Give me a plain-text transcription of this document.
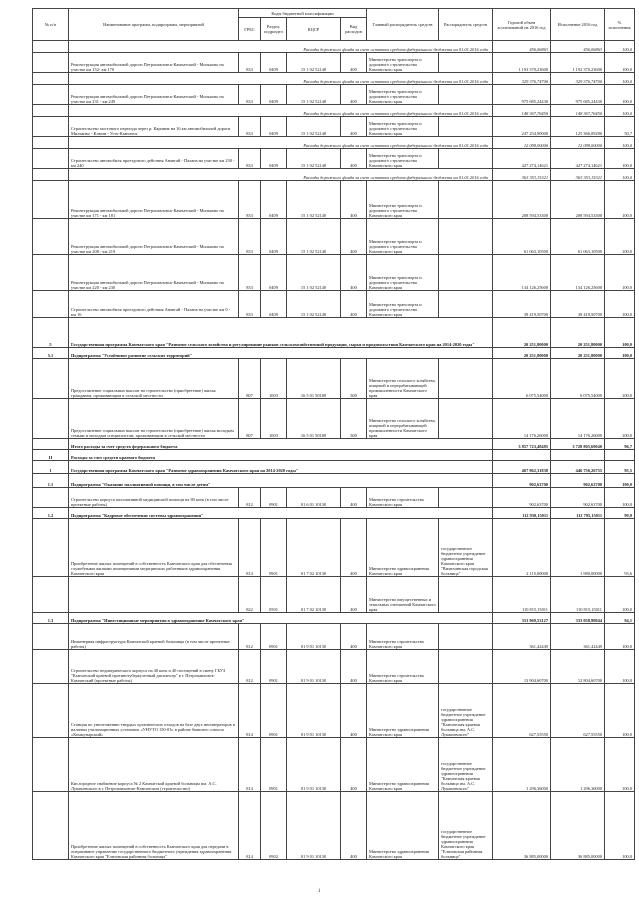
№ п/п	Наименование программ, подпрограмм, мероприятий	Коды бюджетной классификации				Главный распорядитель средств	Распорядитель средств	Годовой объем ассигнований на 2016 год	Исполнение 2016 год	% исполнения
		ГРБС	Раздел, подраздел	КЦСР	Вид расходов					
	Расходы дорожного фонда за счет остатков средств федерального бюджета на 01.01.2016 года							456,06863	456,06863	100,0
	Реконструкция автомобильной дороги Петропавловск-Камчатский - Мильково на участке км 152- км 170	833	0409	15 1 02 52140	400	Министерство транспорта и дорожного строительства Камчатского края		1 193 370,23600	1 192 370,23600	100,0
	Расходы дорожного фонда за счет остатков средств федерального бюджета на 01.01.2016 года							329 376,74700	329 376,74700	100,0
	Реконструкция автомобильной дороги Петропавловск-Камчатский - Мильково на участке км 231 - км 249	833	0409	15 1 02 52140	400	Министерство транспорта и дорожного строительства Камчатского края		975 685,24430	975 685,24430	100,0
	Расходы дорожного фонда за счет остатков средств федерального бюджета на 01.01.2016 года							148 367,76450	148 367,76450	100,0
	Строительство мостового перехода через р. Карпинк на 16 км автомобильной дороги Мильково - Ключи - Усть-Камчатск	833	0409	15 1 02 52140	400	Министерство транспорта и дорожного строительства Камчатского края		247 254,90000	125 366,09286	50,7
	Расходы дорожного фонда за счет остатков средств федерального бюджета на 01.01.2016 года							12 098,00000	12 098,00000	100,0
	Строительство автомобиля проездового действия Анавгай - Палана на участке км 230 - км 240	833	0409	15 1 02 52140	400	Министерство транспорта и дорожного строительства Камчатского края		427 274,14621	427 274,14621	100,0
	Расходы дорожного фонда за счет остатков средств федерального бюджета на 01.01.2016 года							363 353,15321	363 353,15321	100,0
	Реконструкция автомобильной дороги Петропавловск-Камчатский - Мильково на участке км 171 - км 181	833	0409	15 1 02 52140	400	Министерство транспорта и дорожного строительства Камчатского края		208 594,53300	208 594,53300	100,0
	Реконструкция автомобильной дороги Петропавловск-Камчатский - Мильково на участке км 208 - км 219	833	0409	15 1 02 52140	400	Министерство транспорта и дорожного строительства Камчатского края		61 063,10500	61 063,10500	100,0
	Реконструкция автомобильной дороги Петропавловск-Камчатский - Мильково на участке км 220 - км 230	833	0409	15 1 02 52140	400	Министерство транспорта и дорожного строительства Камчатского края		134 126,25600	134 126,25600	100,0
	Строительство автомобиля проездового действия Анавгай - Палана на участке км 0 - км 16	833	0409	15 1 02 52140	400	Министерство транспорта и дорожного строительства Камчатского края		39 419,50700	39 419,50700	100,0
5	Государственная программа Камчатского края "Развитие сельского хозяйства и регулирование рынков сельскохозяйственной продукции, сырья и продовольствия Камчатского края на 2014-2020 годы"							20 251,80000	20 251,80000	100,0
5.1	Подпрограмма "Устойчивое развитие сельских территорий"							20 251,80000	20 251,80000	100,0
	Предоставление социальных выплат на строительство (приобретение) жилья гражданам, проживающим в сельской местности	807	1003	16 5 01 50180	300	Министерство сельского хозяйства, пищевой и перерабатывающей промышленности Камчатского края		6 075,54000	6 075,54000	100,0
	Предоставление социальных выплат на строительство (приобретение) жилья молодым семьям и молодым специалистам, проживающим в сельской местности	807	1003	16 5 01 50180	300	Министерство сельского хозяйства, пищевой и перерабатывающей промышленности Камчатского края		14 176,26000	14 176,26000	100,0
	Итого расходы за счет средств федерального бюджета							3 857 723,48485	3 728 805,69040	96,7
II	Расходы за счет средств краевого бюджета									
1	Государственная программа Камчатского края "Развитие здравоохранения Камчатского края на 2014-2020 годы"							467 862,31838	446 756,26755	95,5
1.1	Подпрограмма "Оказание паллиативной помощи, в том числе детям"							902,63700	902,63700	100,0
	Строительство корпуса паллиативной медицинской помощи на 80 коек (в том числе проектные работы)	812	0901	01 6 01 10130	400	Министерство строительства Камчатского края		902,63700	902,63700	100,0
1.2	Подпрограмма "Кадровое обеспечение системы здравоохранения"							112 930,15011	112 795,15011	99,9
	Приобретение жилых помещений в собственность Камчатского края для обеспечения служебными жилыми помещениями медицинских работников здравоохранения Камчатского края	814	0901	01 7 02 10130	400	Министерство здравоохранения Камчатского края	государственное бюджетное учреждение здравоохранения Камчатского края "Вилючинская городская больница"	2 115,00000	1 980,00000	93,6
		822	0501	01 7 02 10130	400	Министерство имущественных и земельных отношений Камчатского края		110 815,15011	110 815,15011	100,0
1.3	Подпрограмма "Инвестиционные мероприятия в здравоохранение Камчатского края"							353 969,53127	333 058,98044	94,1
	Инженерная инфраструктура Камчатской краевой больницы (в том числе проектные работы)	812	0901	01 9 01 10130	400	Министерство строительства Камчатского края		361,42449	361,42449	100,0
	Строительство педиатрического корпуса на 40 коек и 40 посещений в смену ГБУЗ "Камчатский краевой противотуберкулезный диспансер" в г. Петропавловск-Камчатский (проектные работы)	812	0901	01 9 01 10130	400	Министерство строительства Камчатского края		13 904,60700	12 804,60700	100,0
	Станция по уничтожению твердых органических отходов на базе двух инсинераторов в наличии утилизационных установок «УНУТО 150-03» в районе бывшего совхоза «Коммунарский»	814	0901	01 9 01 10130	400	Министерство здравоохранения Камчатского края	государственное бюджетное учреждение здравоохранения "Камчатская краевая больница им. А.С. Лукашевского"	627,55550	627,55550	100,0
	Кислородное снабжение корпуса № 2 Камчатской краевой больницы им. А.С. Лукашевского в г. Петропавловске-Камчатском (строительство)	814	0901	01 9 01 10130	400	Министерство здравоохранения Камчатского края	государственное бюджетное учреждение здравоохранения "Камчатская краевая больница им. А.С. Лукашевского"	1 296,36000	1 296,36000	100,0
	Приобретение жилых помещений в собственность Камчатского края для передачи в оперативное управление государственного бюджетного учреждения здравоохранения Камчатского края "Елизовская районная больница"	814	0902	01 9 01 10130	400	Министерство здравоохранения Камчатского края	государственное бюджетное учреждение здравоохранения Камчатского края "Елизовская районная больница"	36 885,00000	36 885,00000	100,0
1
